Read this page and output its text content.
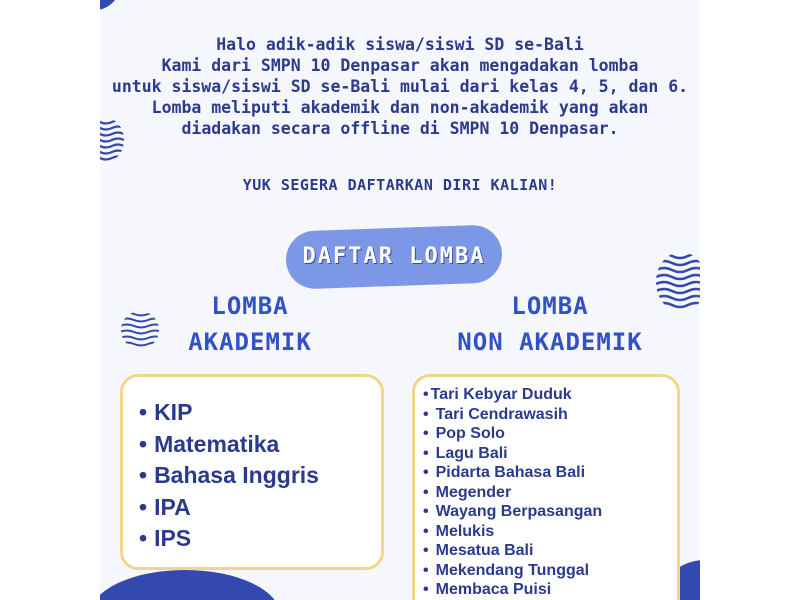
Halo adik-adik siswa/siswi SD se-Bali
Kami dari SMPN 10 Denpasar akan mengadakan lomba
untuk siswa/siswi SD se-Bali mulai dari kelas 4, 5, dan 6.
Lomba meliputi akademik dan non-akademik yang akan
diadakan secara offline di SMPN 10 Denpasar.
YUK SEGERA DAFTARKAN DIRI KALIAN!
DAFTAR LOMBA
LOMBA
AKADEMIK
LOMBA
NON AKADEMIK
• KIP
• Matematika
• Bahasa Inggris
• IPA
• IPS
• Tari Kebyar Duduk
• Tari Cendrawasih
• Pop Solo
• Lagu Bali
• Pidarta Bahasa Bali
• Megender
• Wayang Berpasangan
• Melukis
• Mesatua Bali
• Mekendang Tunggal
• Membaca Puisi
